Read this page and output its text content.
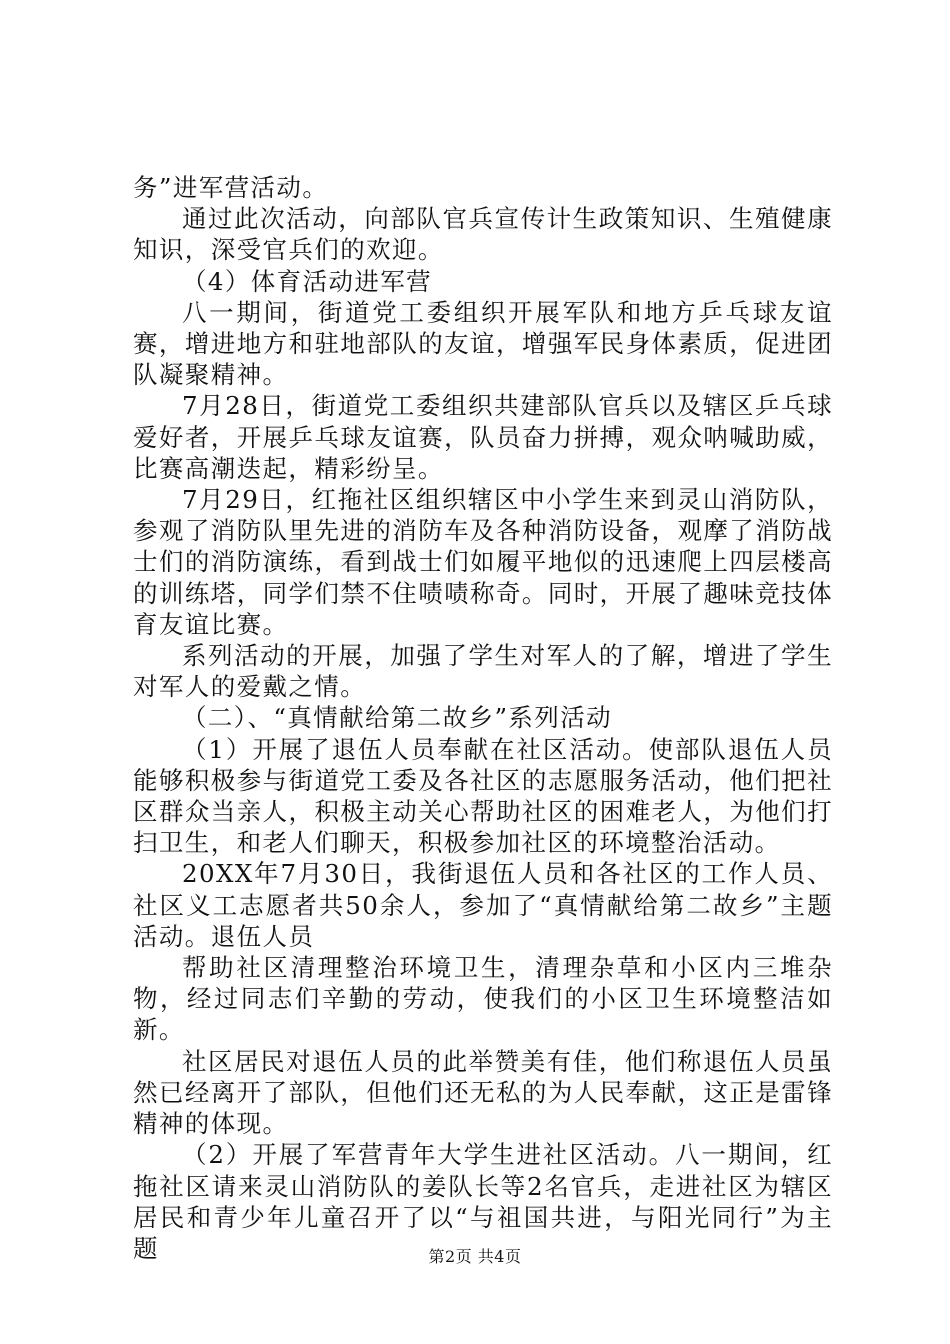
务”进军营活动。

通过此次活动，向部队官兵宣传计生政策知识、生殖健康知识，深受官兵们的欢迎。

（4）体育活动进军营

八一期间，街道党工委组织开展军队和地方乒乓球友谊赛，增进地方和驻地部队的友谊，增强军民身体素质，促进团队凝聚精神。

7月28日，街道党工委组织共建部队官兵以及辖区乒乓球爱好者，开展乒乓球友谊赛，队员奋力拼搏，观众呐喊助威，比赛高潮迭起，精彩纷呈。

7月29日，红拖社区组织辖区中小学生来到灵山消防队，参观了消防队里先进的消防车及各种消防设备，观摩了消防战士们的消防演练，看到战士们如履平地似的迅速爬上四层楼高的训练塔，同学们禁不住啧啧称奇。同时，开展了趣味竞技体育友谊比赛。

系列活动的开展，加强了学生对军人的了解，增进了学生对军人的爱戴之情。

（二）、“真情献给第二故乡”系列活动

（1）开展了退伍人员奉献在社区活动。使部队退伍人员能够积极参与街道党工委及各社区的志愿服务活动，他们把社区群众当亲人，积极主动关心帮助社区的困难老人，为他们打扫卫生，和老人们聊天，积极参加社区的环境整治活动。

20XX年7月30日，我街退伍人员和各社区的工作人员、社区义工志愿者共50余人，参加了“真情献给第二故乡”主题活动。退伍人员

帮助社区清理整治环境卫生，清理杂草和小区内三堆杂物，经过同志们辛勤的劳动，使我们的小区卫生环境整洁如新。

社区居民对退伍人员的此举赞美有佳，他们称退伍人员虽然已经离开了部队，但他们还无私的为人民奉献，这正是雷锋精神的体现。

（2）开展了军营青年大学生进社区活动。八一期间，红拖社区请来灵山消防队的姜队长等2名官兵，走进社区为辖区居民和青少年儿童召开了以“与祖国共进，与阳光同行”为主题	第2页 共4页
